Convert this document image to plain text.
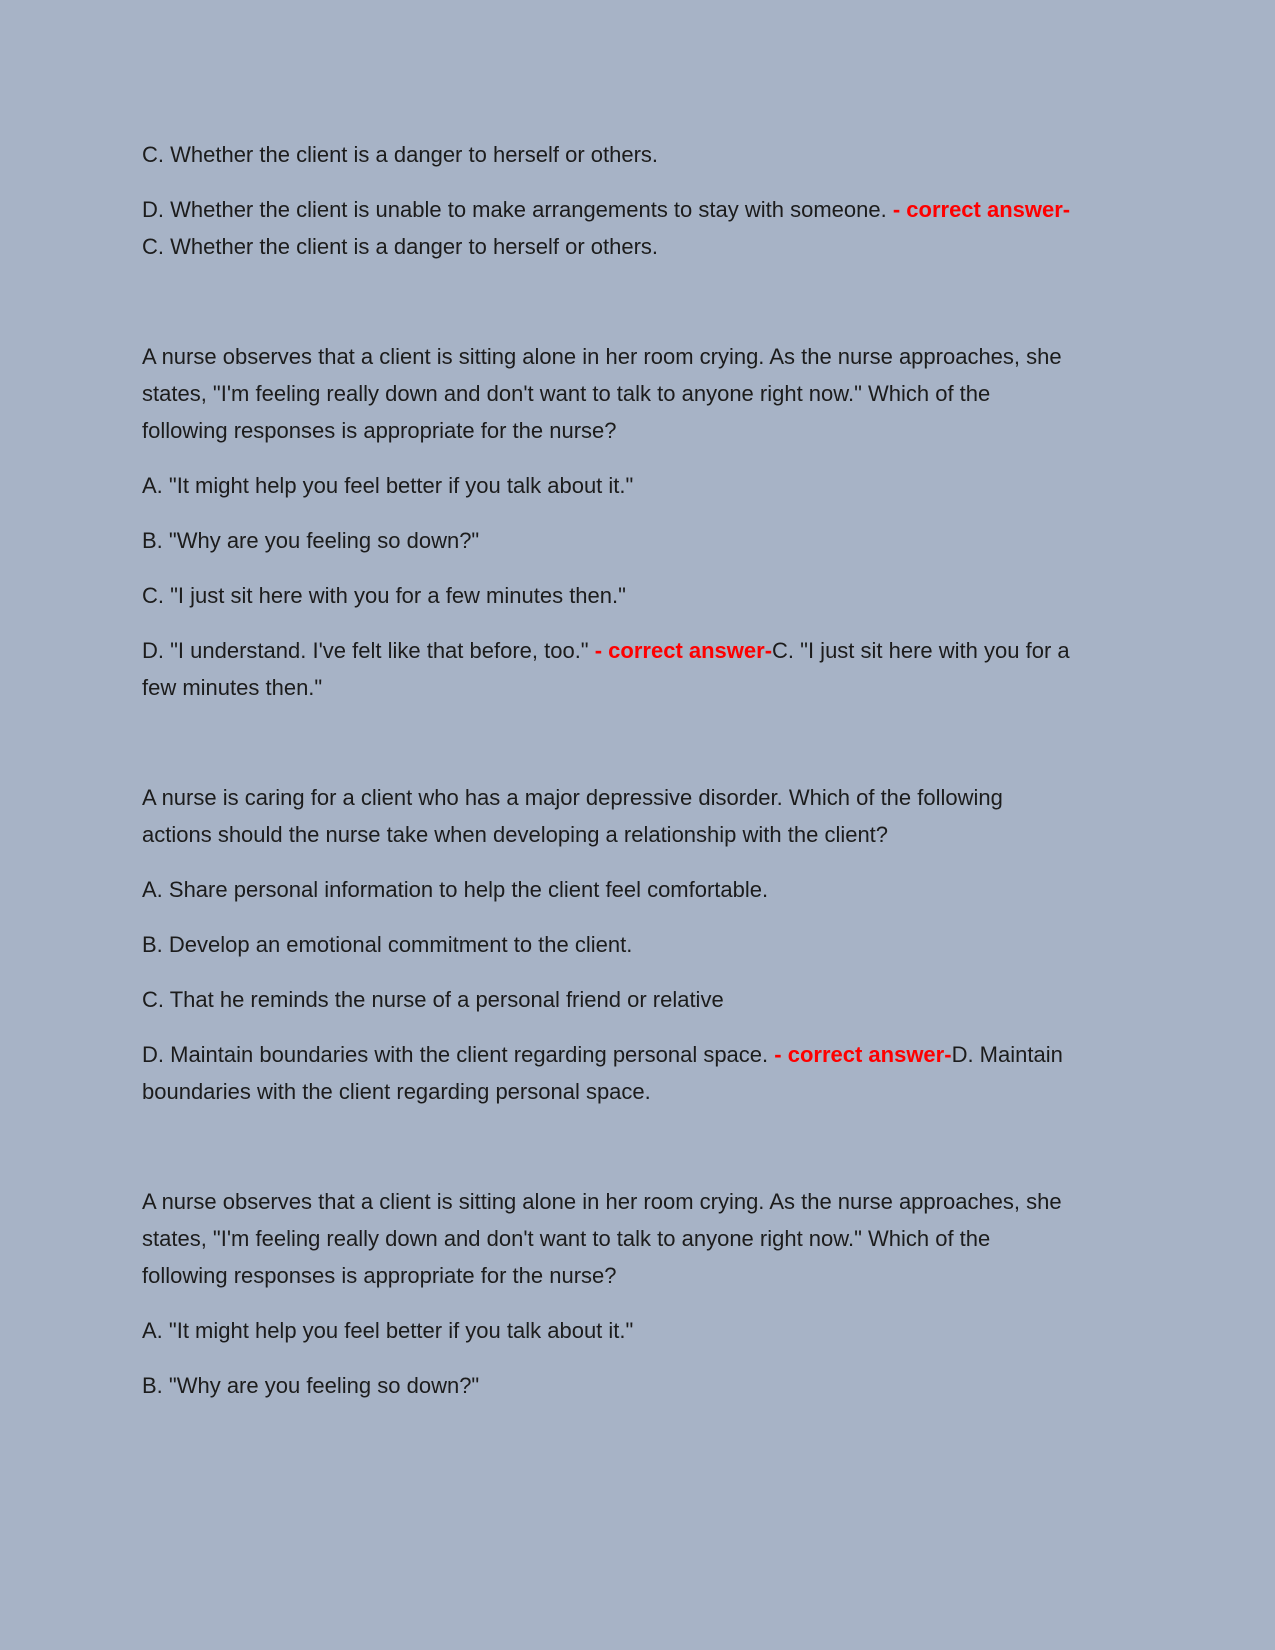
C. Whether the client is a danger to herself or others.

D. Whether the client is unable to make arrangements to stay with someone. - correct answer-C. Whether the client is a danger to herself or others.

A nurse observes that a client is sitting alone in her room crying. As the nurse approaches, she states, "I'm feeling really down and don't want to talk to anyone right now." Which of the following responses is appropriate for the nurse?

A. "It might help you feel better if you talk about it."

B. "Why are you feeling so down?"

C. "I just sit here with you for a few minutes then."

D. "I understand. I've felt like that before, too." - correct answer-C. "I just sit here with you for a few minutes then."

A nurse is caring for a client who has a major depressive disorder. Which of the following actions should the nurse take when developing a relationship with the client?

A. Share personal information to help the client feel comfortable.

B. Develop an emotional commitment to the client.

C. That he reminds the nurse of a personal friend or relative

D. Maintain boundaries with the client regarding personal space. - correct answer-D. Maintain boundaries with the client regarding personal space.

A nurse observes that a client is sitting alone in her room crying. As the nurse approaches, she states, "I'm feeling really down and don't want to talk to anyone right now." Which of the following responses is appropriate for the nurse?

A. "It might help you feel better if you talk about it."

B. "Why are you feeling so down?"
